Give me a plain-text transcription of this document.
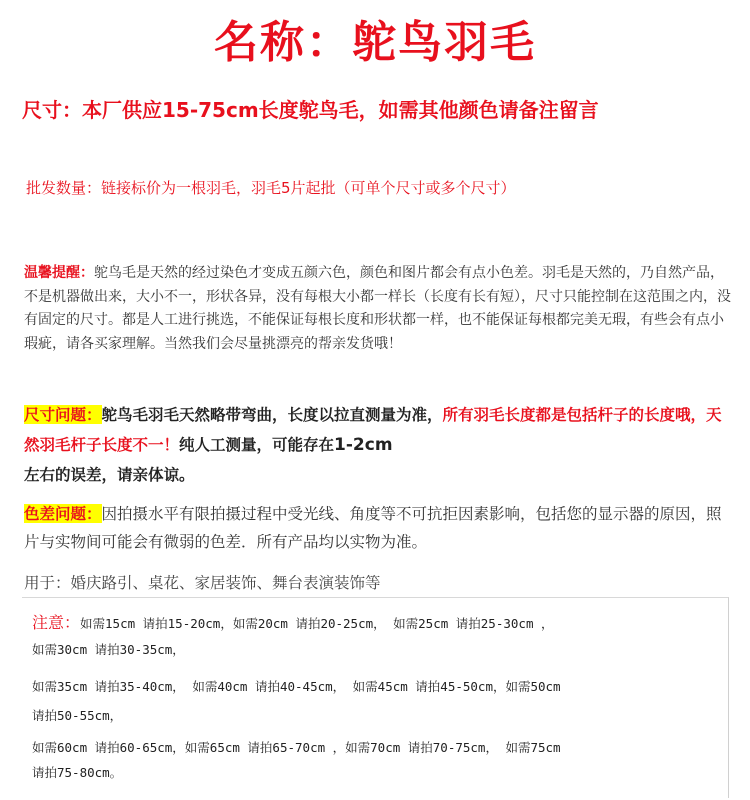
名称：鸵鸟羽毛
尺寸：本厂供应15-75cm长度鸵鸟毛，如需其他颜色请备注留言
批发数量：链接标价为一根羽毛，羽毛5片起批（可单个尺寸或多个尺寸）
温馨提醒：鸵鸟毛是天然的经过染色才变成五颜六色，颜色和图片都会有点小色差。羽毛是天然的，乃自然产品，不是机器做出来，大小不一，形状各异，没有每根大小都一样长（长度有长有短），尺寸只能控制在这范围之内，没有固定的尺寸。都是人工进行挑选，不能保证每根长度和形状都一样，也不能保证每根都完美无瑕，有些会有点小瑕疵，请各买家理解。当然我们会尽量挑漂亮的帮亲发货哦！
尺寸问题：鸵鸟毛羽毛天然略带弯曲，长度以拉直测量为准，所有羽毛长度都是包括杆子的长度哦，天然羽毛杆子长度不一！纯人工测量，可能存在1-2cm
左右的误差，请亲体谅。
色差问题：因拍摄水平有限拍摄过程中受光线、角度等不可抗拒因素影响，包括您的显示器的原因，照片与实物间可能会有微弱的色差．所有产品均以实物为准。
用于：婚庆路引、桌花、家居装饰、舞台表演装饰等
注意：如需15cm 请拍15-20cm，如需20cm 请拍20-25cm， 如需25cm 请拍25-30cm ，
如需30cm 请拍30-35cm，
如需35cm 请拍35-40cm， 如需40cm 请拍40-45cm， 如需45cm 请拍45-50cm，如需50cm
请拍50-55cm，
如需60cm 请拍60-65cm，如需65cm 请拍65-70cm ，如需70cm 请拍70-75cm， 如需75cm
请拍75-80cm。
